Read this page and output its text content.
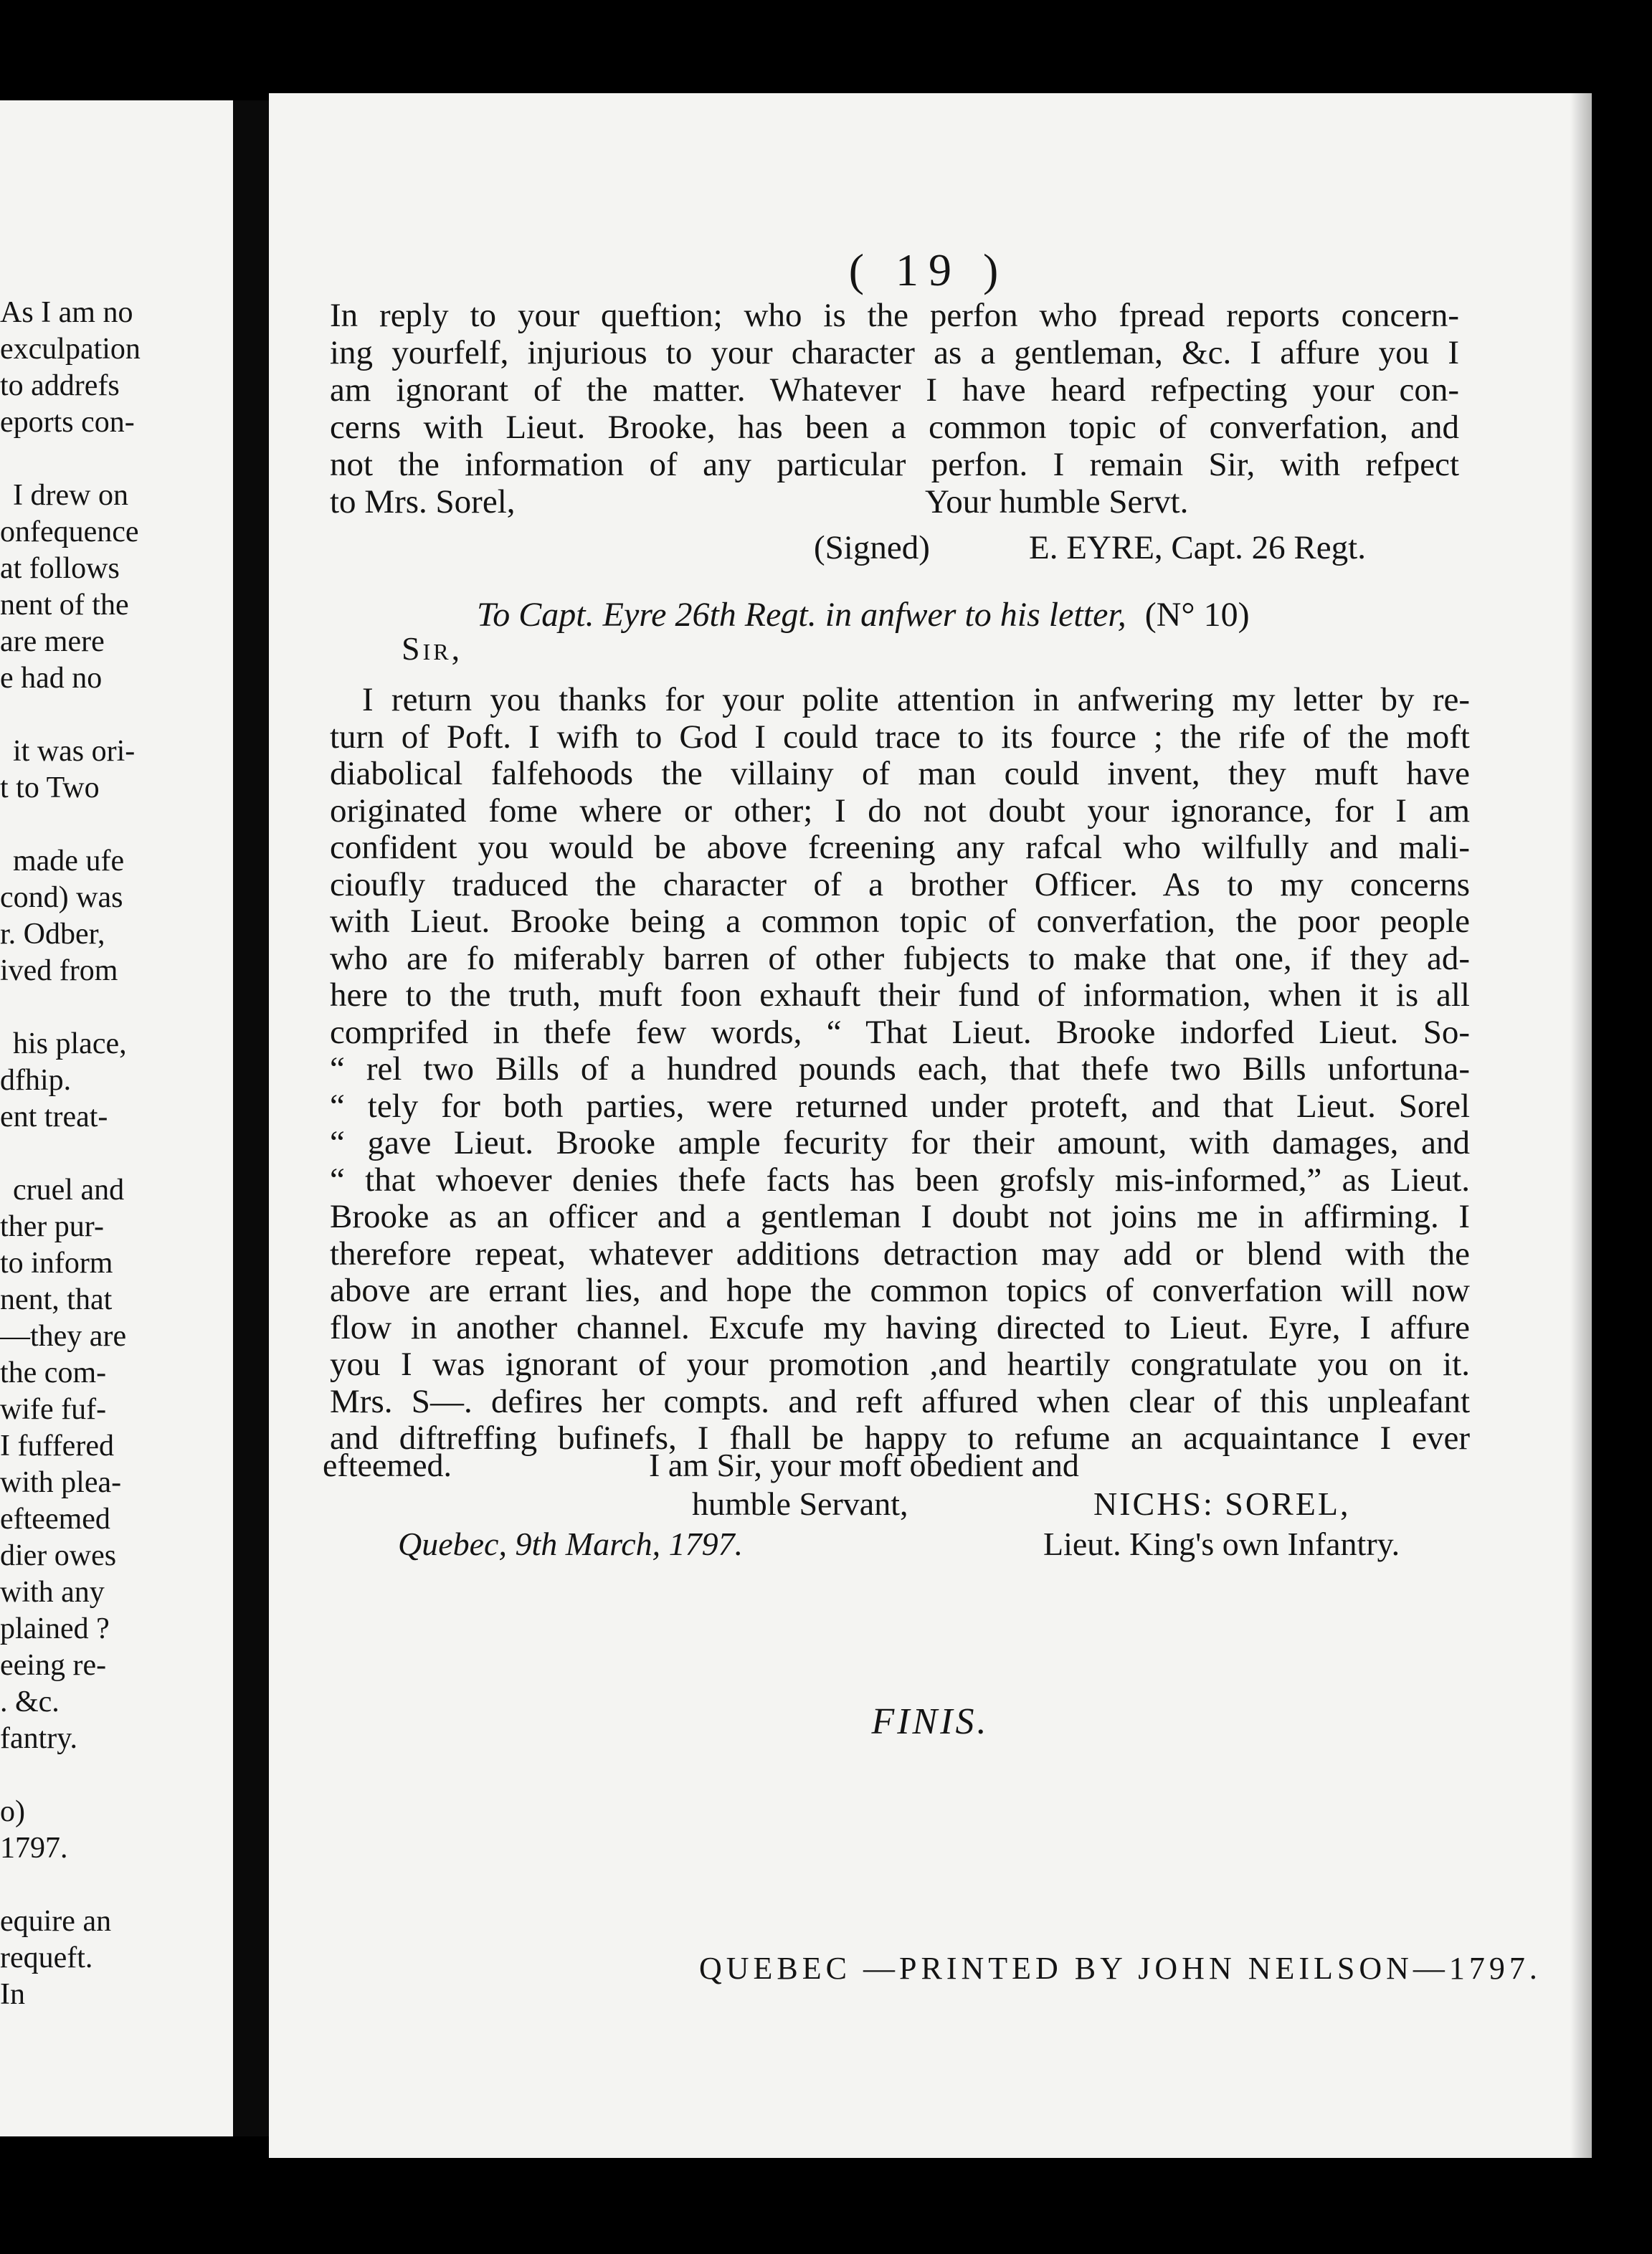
As I am no
exculpation
to addrefs
eports con-
I drew on
onfequence
at follows
nent of the
are mere
e had no
it was ori-
t to Two
made ufe
cond) was
r. Odber,
ived from
his place,
dfhip.
ent treat-
cruel and
ther pur-
to inform
nent, that
—they are
the com-
wife fuf-
I fuffered
with plea-
efteemed
dier owes
with any
plained ?
eeing re-
. &c.
fantry.
o)
1797.
equire an
requeft.
In
( 19 )
In reply to your queftion; who is the perfon who fpread reports concern-
ing yourfelf, injurious to your character as a gentleman, &c. I affure you I
am ignorant of the matter. Whatever I have heard refpecting your con-
cerns with Lieut. Brooke, has been a common topic of converfation, and
not the information of any particular perfon. I remain Sir, with refpect
to Mrs. Sorel,	Your humble Servt.
(Signed)	E. EYRE, Capt. 26 Regt.
To Capt. Eyre 26th Regt. in anfwer to his letter, (N° 10)
Sir,
I return you thanks for your polite attention in anfwering my letter by re-
turn of Poft. I wifh to God I could trace to its fource ; the rife of the moft
diabolical falfehoods the villainy of man could invent, they muft have
originated fome where or other; I do not doubt your ignorance, for I am
confident you would be above fcreening any rafcal who wilfully and mali-
cioufly traduced the character of a brother Officer. As to my concerns
with Lieut. Brooke being a common topic of converfation, the poor people
who are fo miferably barren of other fubjects to make that one, if they ad-
here to the truth, muft foon exhauft their fund of information, when it is all
comprifed in thefe few words, “ That Lieut. Brooke indorfed Lieut. So-
“ rel two Bills of a hundred pounds each, that thefe two Bills unfortuna-
“ tely for both parties, were returned under proteft, and that Lieut. Sorel
“ gave Lieut. Brooke ample fecurity for their amount, with damages, and
“ that whoever denies thefe facts has been grofsly mis-informed,” as Lieut.
Brooke as an officer and a gentleman I doubt not joins me in affirming. I
therefore repeat, whatever additions detraction may add or blend with the
above are errant lies, and hope the common topics of converfation will now
flow in another channel. Excufe my having directed to Lieut. Eyre, I affure
you I was ignorant of your promotion ,and heartily congratulate you on it.
Mrs. S—. defires her compts. and reft affured when clear of this unpleafant
and diftreffing bufinefs, I fhall be happy to refume an acquaintance I ever
efteemed.	I am Sir, your moft obedient and
humble Servant,	NICHS: SOREL,
Quebec, 9th March, 1797.	Lieut. King's own Infantry.
FINIS.
QUEBEC —PRINTED BY JOHN NEILSON—1797.
